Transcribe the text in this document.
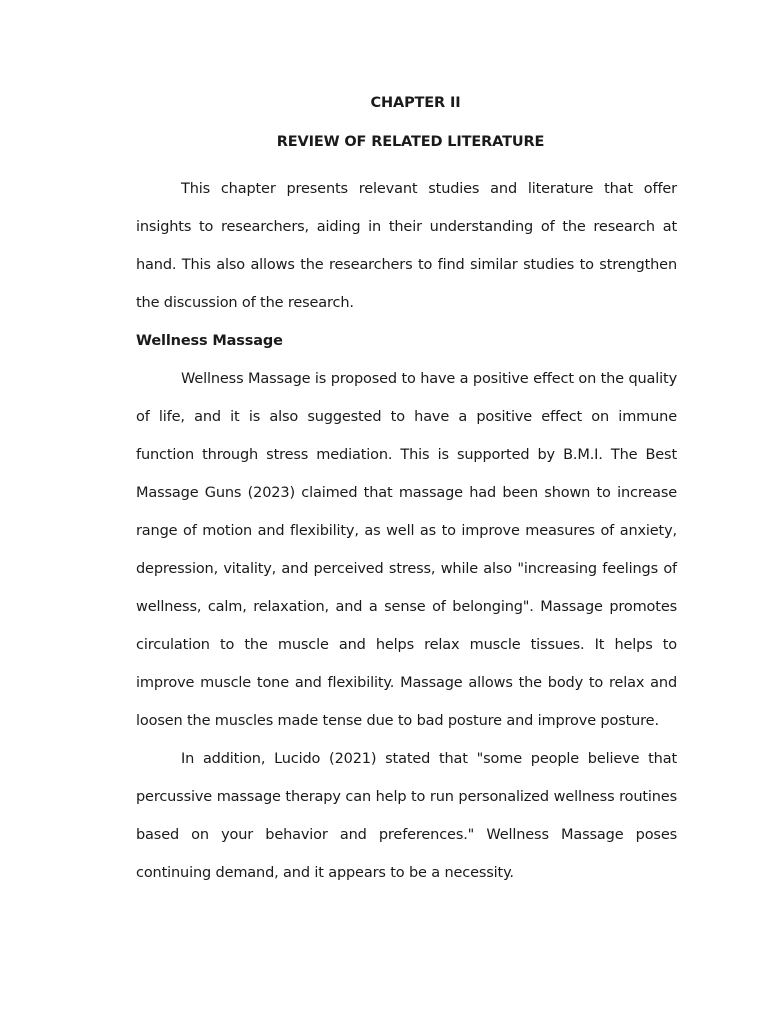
CHAPTER II

REVIEW OF RELATED LITERATURE

This chapter presents relevant studies and literature that offer insights to researchers, aiding in their understanding of the research at hand. This also allows the researchers to find similar studies to strengthen the discussion of the research.

Wellness Massage

Wellness Massage is proposed to have a positive effect on the quality of life, and it is also suggested to have a positive effect on immune function through stress mediation. This is supported by B.M.I. The Best Massage Guns (2023) claimed that massage had been shown to increase range of motion and flexibility, as well as to improve measures of anxiety, depression, vitality, and perceived stress, while also "increasing feelings of wellness, calm, relaxation, and a sense of belonging". Massage promotes circulation to the muscle and helps relax muscle tissues. It helps to improve muscle tone and flexibility. Massage allows the body to relax and loosen the muscles made tense due to bad posture and improve posture.

In addition, Lucido (2021) stated that "some people believe that percussive massage therapy can help to run personalized wellness routines based on your behavior and preferences." Wellness Massage poses continuing demand, and it appears to be a necessity.
